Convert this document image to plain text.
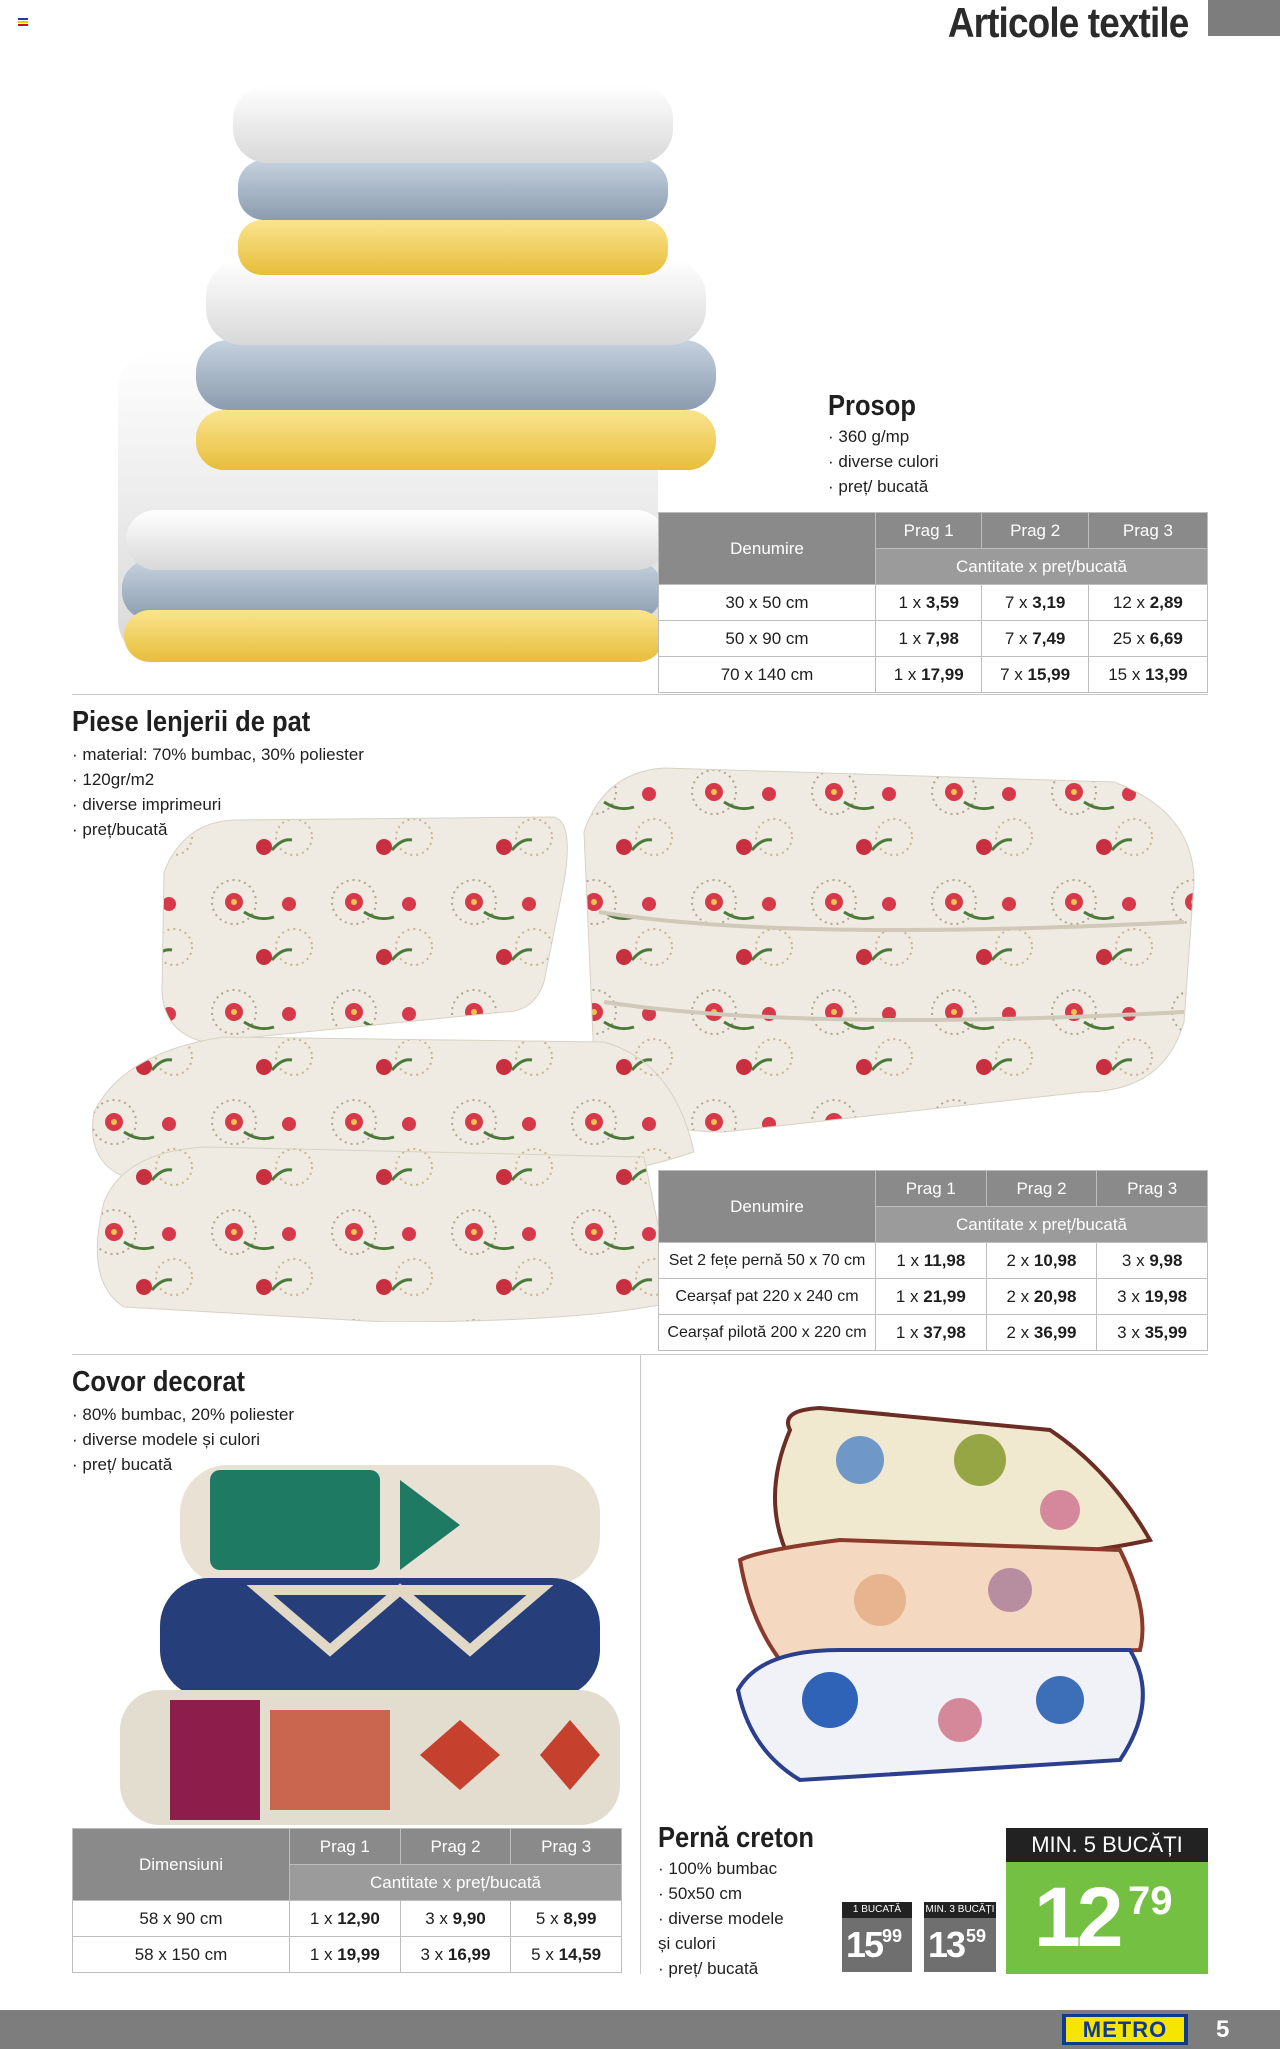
Articole textile
Prosop
· 360 g/mp
· diverse culori
· preț/ bucată
Denumire	Prag 1	Prag 2	Prag 3
	Cantitate x preț/bucată		
30 x 50 cm	1 x 3,59	7 x 3,19	12 x 2,89
50 x 90 cm	1 x 7,98	7 x 7,49	25 x 6,69
70 x 140 cm	1 x 17,99	7 x 15,99	15 x 13,99
Piese lenjerii de pat
· material: 70% bumbac, 30% poliester
· 120gr/m2
· diverse imprimeuri
· preț/bucată
Denumire	Prag 1	Prag 2	Prag 3
	Cantitate x preț/bucată		
Set 2 fețe pernă 50 x 70 cm	1 x 11,98	2 x 10,98	3 x 9,98
Cearșaf pat 220 x 240 cm	1 x 21,99	2 x 20,98	3 x 19,98
Cearșaf pilotă 200 x 220 cm	1 x 37,98	2 x 36,99	3 x 35,99
Covor decorat
· 80% bumbac, 20% poliester
· diverse modele și culori
· preț/ bucată
Dimensiuni	Prag 1	Prag 2	Prag 3
	Cantitate x preț/bucată		
58 x 90 cm	1 x 12,90	3 x 9,90	5 x 8,99
58 x 150 cm	1 x 19,99	3 x 16,99	5 x 14,59
Pernă creton
· 100% bumbac
· 50x50 cm
· diverse modele
și culori
· preț/ bucată
1 BUCATĂ
15 99
MIN. 3 BUCĂȚI
13 59
MIN. 5 BUCĂȚI
12 79
METRO	5
